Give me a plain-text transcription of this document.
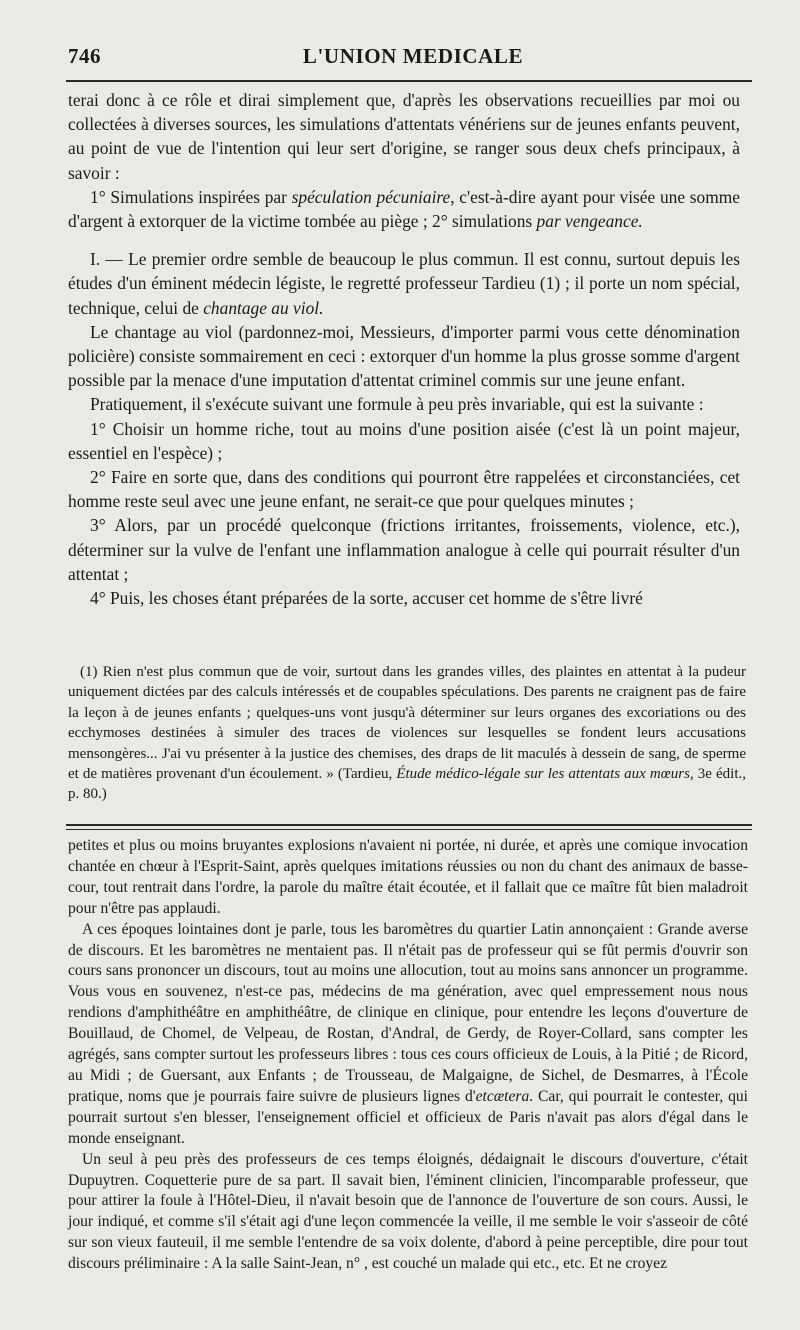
746	L'UNION MEDICALE

terai donc à ce rôle et dirai simplement que, d'après les observations recueillies par moi ou collectées à diverses sources, les simulations d'attentats vénériens sur de jeunes enfants peuvent, au point de vue de l'intention qui leur sert d'origine, se ranger sous deux chefs principaux, à savoir :

1° Simulations inspirées par spéculation pécuniaire, c'est-à-dire ayant pour visée une somme d'argent à extorquer de la victime tombée au piège ; 2° simulations par vengeance.

I. — Le premier ordre semble de beaucoup le plus commun. Il est connu, surtout depuis les études d'un éminent médecin légiste, le regretté professeur Tardieu (1) ; il porte un nom spécial, technique, celui de chantage au viol.

Le chantage au viol (pardonnez-moi, Messieurs, d'importer parmi vous cette dénomination policière) consiste sommairement en ceci : extorquer d'un homme la plus grosse somme d'argent possible par la menace d'une imputation d'attentat criminel commis sur une jeune enfant.

Pratiquement, il s'exécute suivant une formule à peu près invariable, qui est la suivante :

1° Choisir un homme riche, tout au moins d'une position aisée (c'est là un point majeur, essentiel en l'espèce) ;

2° Faire en sorte que, dans des conditions qui pourront être rappelées et circonstanciées, cet homme reste seul avec une jeune enfant, ne serait-ce que pour quelques minutes ;

3° Alors, par un procédé quelconque (frictions irritantes, froissements, violence, etc.), déterminer sur la vulve de l'enfant une inflammation analogue à celle qui pourrait résulter d'un attentat ;

4° Puis, les choses étant préparées de la sorte, accuser cet homme de s'être livré

(1) Rien n'est plus commun que de voir, surtout dans les grandes villes, des plaintes en attentat à la pudeur uniquement dictées par des calculs intéressés et de coupables spéculations. Des parents ne craignent pas de faire la leçon à de jeunes enfants ; quelques-uns vont jusqu'à déterminer sur leurs organes des excoriations ou des ecchymoses destinées à simuler des traces de violences sur lesquelles se fondent leurs accusations mensongères... J'ai vu présenter à la justice des chemises, des draps de lit maculés à dessein de sang, de sperme et de matières provenant d'un écoulement. » (Tardieu, Étude médico-légale sur les attentats aux mœurs, 3e édit., p. 80.)

petites et plus ou moins bruyantes explosions n'avaient ni portée, ni durée, et après une comique invocation chantée en chœur à l'Esprit-Saint, après quelques imitations réussies ou non du chant des animaux de basse-cour, tout rentrait dans l'ordre, la parole du maître était écoutée, et il fallait que ce maître fût bien maladroit pour n'être pas applaudi.

A ces époques lointaines dont je parle, tous les baromètres du quartier Latin annonçaient : Grande averse de discours. Et les baromètres ne mentaient pas. Il n'était pas de professeur qui se fût permis d'ouvrir son cours sans prononcer un discours, tout au moins une allocution, tout au moins sans annoncer un programme. Vous vous en souvenez, n'est-ce pas, médecins de ma génération, avec quel empressement nous nous rendions d'amphithéâtre en amphithéâtre, de clinique en clinique, pour entendre les leçons d'ouverture de Bouillaud, de Chomel, de Velpeau, de Rostan, d'Andral, de Gerdy, de Royer-Collard, sans compter les agrégés, sans compter surtout les professeurs libres : tous ces cours officieux de Louis, à la Pitié ; de Ricord, au Midi ; de Guersant, aux Enfants ; de Trousseau, de Malgaigne, de Sichel, de Desmarres, à l'École pratique, noms que je pourrais faire suivre de plusieurs lignes d'etcætera. Car, qui pourrait le contester, qui pourrait surtout s'en blesser, l'enseignement officiel et officieux de Paris n'avait pas alors d'égal dans le monde enseignant.

Un seul à peu près des professeurs de ces temps éloignés, dédaignait le discours d'ouverture, c'était Dupuytren. Coquetterie pure de sa part. Il savait bien, l'éminent clinicien, l'incomparable professeur, que pour attirer la foule à l'Hôtel-Dieu, il n'avait besoin que de l'annonce de l'ouverture de son cours. Aussi, le jour indiqué, et comme s'il s'était agi d'une leçon commencée la veille, il me semble le voir s'asseoir de côté sur son vieux fauteuil, il me semble l'entendre de sa voix dolente, d'abord à peine perceptible, dire pour tout discours préliminaire : A la salle Saint-Jean, n° , est couché un malade qui etc., etc. Et ne croyez
